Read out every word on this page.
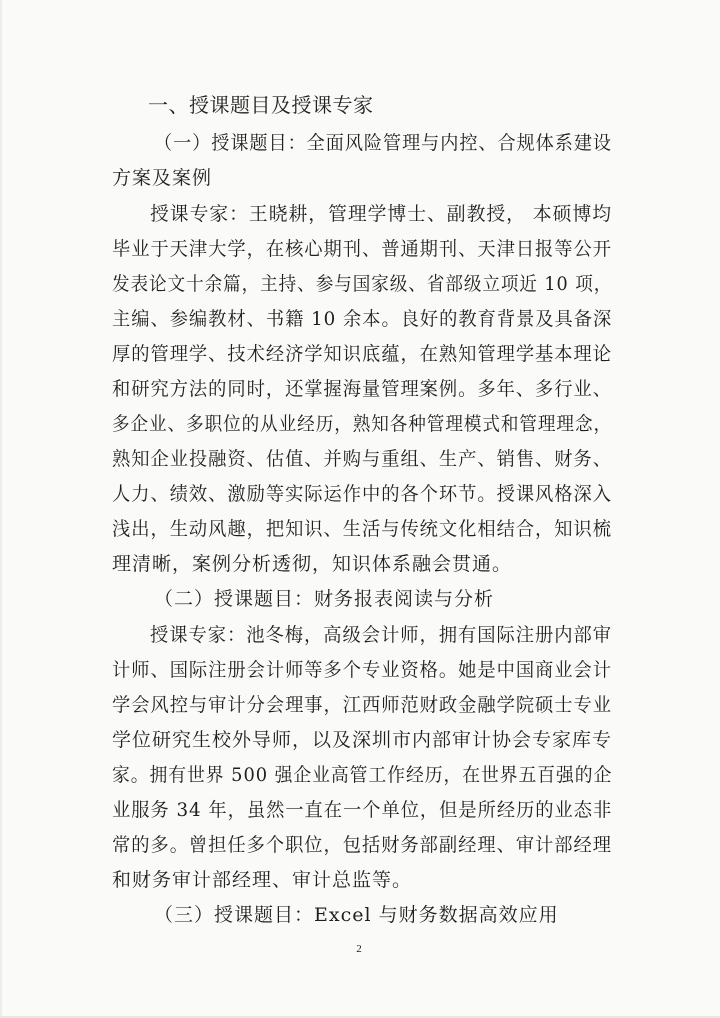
一、授课题目及授课专家
（一）授课题目：全面风险管理与内控、合规体系建设
方案及案例
授课专家：王晓耕，管理学博士、副教授， 本硕博均
毕业于天津大学，在核心期刊、普通期刊、天津日报等公开
发表论文十余篇，主持、参与国家级、省部级立项近 10 项，
主编、参编教材、书籍 10 余本。良好的教育背景及具备深
厚的管理学、技术经济学知识底蕴，在熟知管理学基本理论
和研究方法的同时，还掌握海量管理案例。多年、多行业、
多企业、多职位的从业经历，熟知各种管理模式和管理理念，
熟知企业投融资、估值、并购与重组、生产、销售、财务、
人力、绩效、激励等实际运作中的各个环节。授课风格深入
浅出，生动风趣，把知识、生活与传统文化相结合，知识梳
理清晰，案例分析透彻，知识体系融会贯通。
（二）授课题目：财务报表阅读与分析
授课专家：池冬梅，高级会计师，拥有国际注册内部审
计师、国际注册会计师等多个专业资格。她是中国商业会计
学会风控与审计分会理事，江西师范财政金融学院硕士专业
学位研究生校外导师，以及深圳市内部审计协会专家库专
家。拥有世界 500 强企业高管工作经历，在世界五百强的企
业服务 34 年，虽然一直在一个单位，但是所经历的业态非
常的多。曾担任多个职位，包括财务部副经理、审计部经理
和财务审计部经理、审计总监等。
（三）授课题目：Excel 与财务数据高效应用
2
